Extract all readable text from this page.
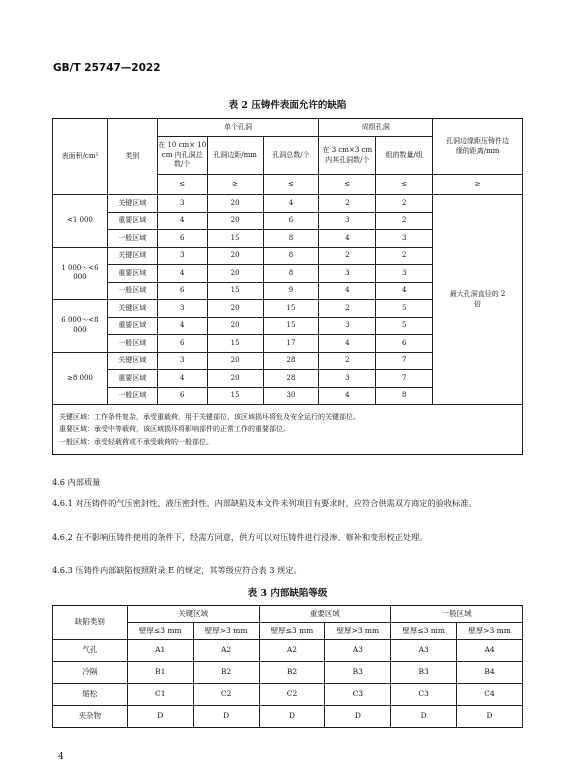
GB/T 25747—2022
表 2 压铸件表面允许的缺陷
表面积/cm²	类别	单个孔洞			成组孔洞		孔洞边缘距压铸件边缘的距离/mm
		在 10 cm× 10 cm 内孔洞总数/个	孔洞边距/mm	孔洞总数/个	在 3 cm×3 cm 内其孔洞数/个	组的数量/组	
		≤	≥	≤	≤	≤	≥
<1 000	关键区域	3	20	4	2	2	最大孔洞直径的 2 倍
	重要区域	4	20	6	3	2	
	一般区域	6	15	8	4	3	
1 000～<6 000	关键区域	3	20	8	2	2	
	重要区域	4	20	8	3	3	
	一般区域	6	15	9	4	4	
6 000～<8 000	关键区域	3	20	15	2	5	
	重要区域	4	20	15	3	5	
	一般区域	6	15	17	4	6	
≥8 000	关键区域	3	20	28	2	7	
	重要区域	4	20	28	3	7	
	一般区域	6	15	30	4	8	

关键区域：工作条件复杂，承受重载荷，用于关键部位，该区域损坏将危及安全运行的关键部位。
重要区域：承受中等载荷，该区域损坏将影响部件的正常工作的重要部位。
一般区域：承受轻载荷或不承受载荷的一般部位。							
4.6 内部质量
4.6.1 对压铸件的气压密封性、液压密封性、内部缺陷及本文件未列项目有要求时，应符合供需双方商定的验收标准。
4.6.2 在不影响压铸件使用的条件下，经需方同意，供方可以对压铸件进行浸渗、修补和变形校正处理。
4.6.3 压铸件内部缺陷按照附录 E 的规定，其等级应符合表 3 规定。
表 3 内部缺陷等级
缺陷类别	关键区域		重要区域		一般区域	
	壁厚≤3 mm	壁厚>3 mm	壁厚≤3 mm	壁厚>3 mm	壁厚≤3 mm	壁厚>3 mm
气孔	A1	A2	A2	A3	A3	A4
冷隔	B1	B2	B2	B3	B3	B4
缩松	C1	C2	C2	C3	C3	C4
夹杂物	D	D	D	D	D	D
4
